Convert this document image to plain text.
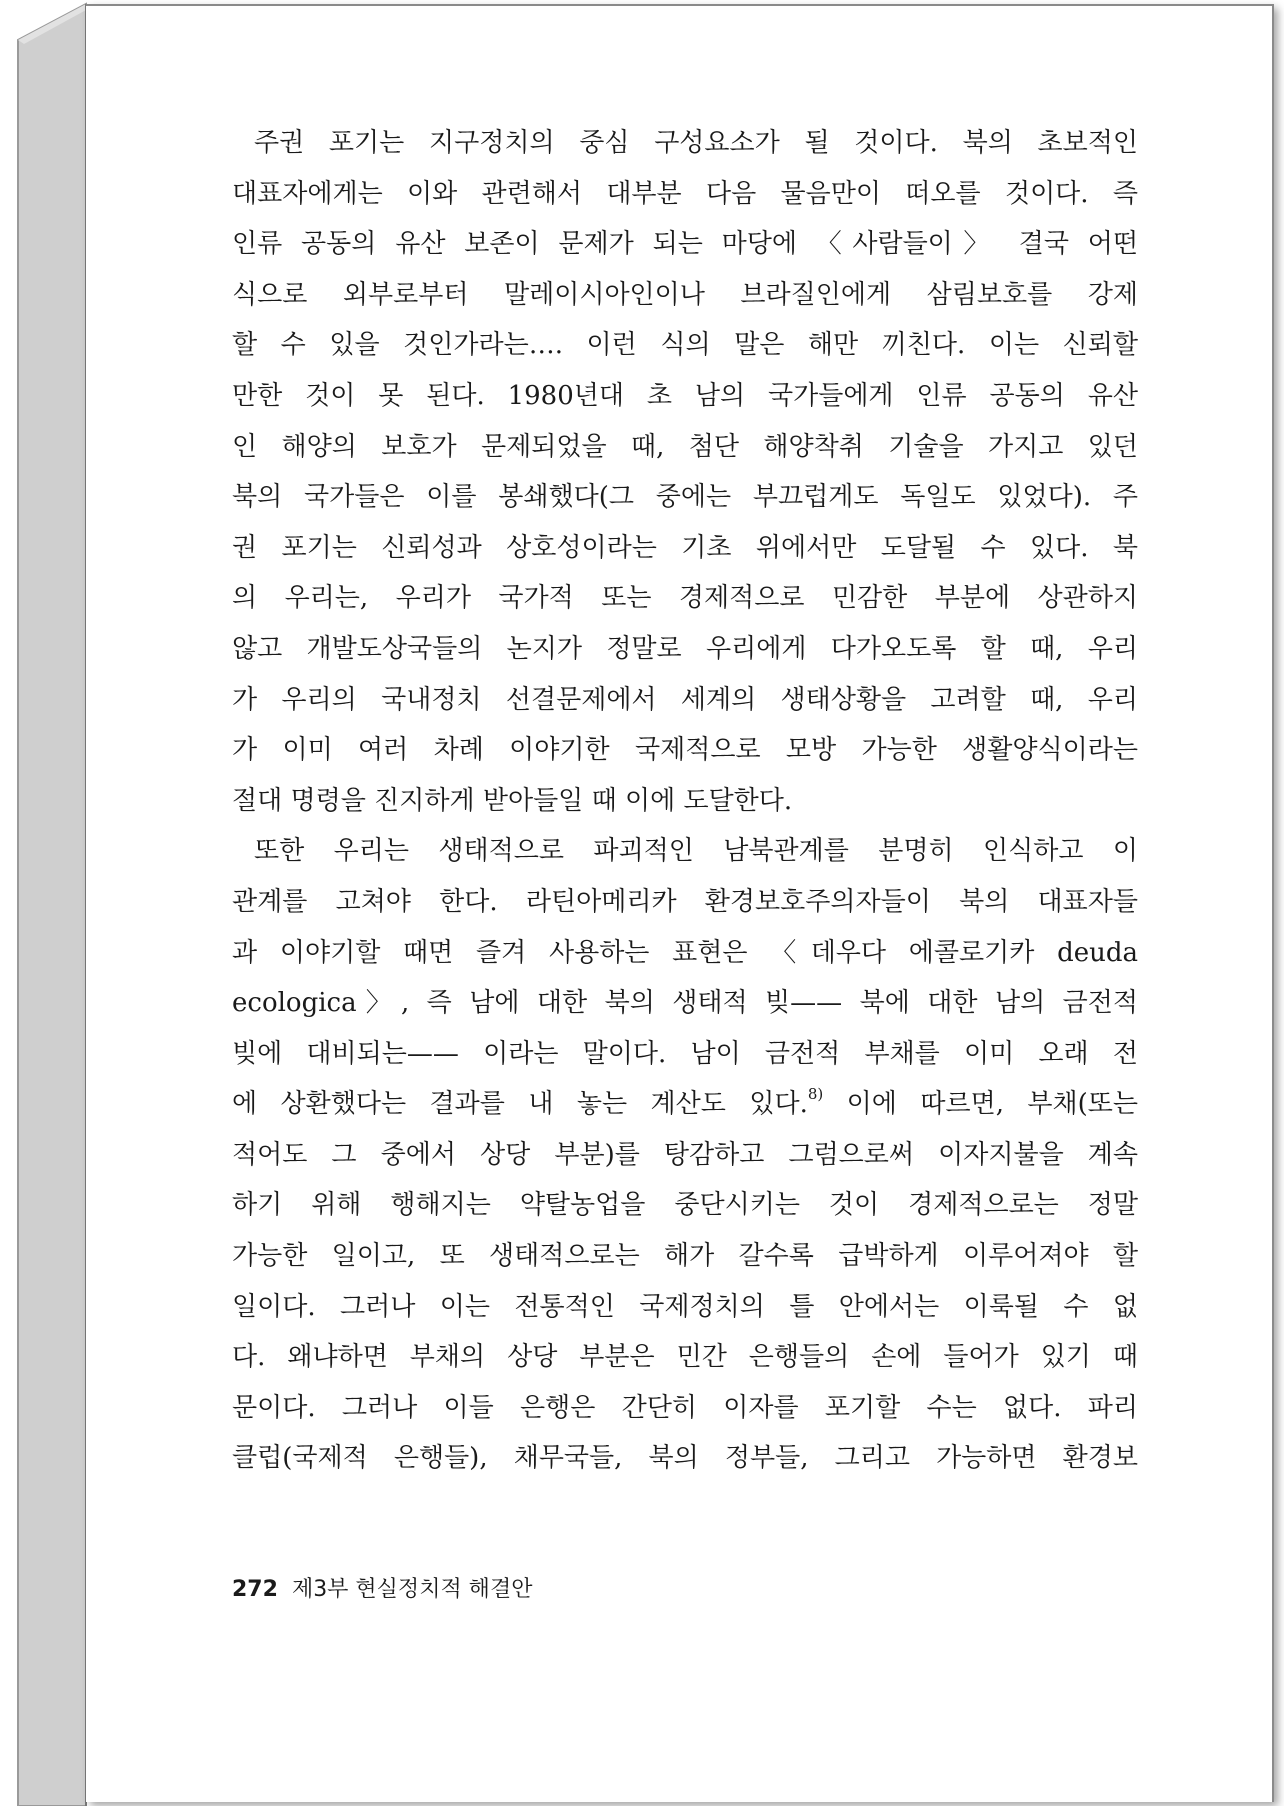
주권 포기는 지구정치의 중심 구성요소가 될 것이다. 북의 초보적인
대표자에게는 이와 관련해서 대부분 다음 물음만이 떠오를 것이다. 즉
인류 공동의 유산 보존이 문제가 되는 마당에 〈사람들이〉 결국 어떤
식으로 외부로부터 말레이시아인이나 브라질인에게 삼림보호를 강제
할 수 있을 것인가라는…. 이런 식의 말은 해만 끼친다. 이는 신뢰할
만한 것이 못 된다. 1980년대 초 남의 국가들에게 인류 공동의 유산
인 해양의 보호가 문제되었을 때, 첨단 해양착취 기술을 가지고 있던
북의 국가들은 이를 봉쇄했다(그 중에는 부끄럽게도 독일도 있었다). 주
권 포기는 신뢰성과 상호성이라는 기초 위에서만 도달될 수 있다. 북
의 우리는, 우리가 국가적 또는 경제적으로 민감한 부분에 상관하지
않고 개발도상국들의 논지가 정말로 우리에게 다가오도록 할 때, 우리
가 우리의 국내정치 선결문제에서 세계의 생태상황을 고려할 때, 우리
가 이미 여러 차례 이야기한 국제적으로 모방 가능한 생활양식이라는
절대 명령을 진지하게 받아들일 때 이에 도달한다.
또한 우리는 생태적으로 파괴적인 남북관계를 분명히 인식하고 이
관계를 고쳐야 한다. 라틴아메리카 환경보호주의자들이 북의 대표자들
과 이야기할 때면 즐겨 사용하는 표현은 〈데우다 에콜로기카 deuda
ecologica〉, 즉 남에 대한 북의 생태적 빚—— 북에 대한 남의 금전적
빚에 대비되는—— 이라는 말이다. 남이 금전적 부채를 이미 오래 전
에 상환했다는 결과를 내 놓는 계산도 있다.$^{8)}$ 이에 따르면, 부채(또는
적어도 그 중에서 상당 부분)를 탕감하고 그럼으로써 이자지불을 계속
하기 위해 행해지는 약탈농업을 중단시키는 것이 경제적으로는 정말
가능한 일이고, 또 생태적으로는 해가 갈수록 급박하게 이루어져야 할
일이다. 그러나 이는 전통적인 국제정치의 틀 안에서는 이룩될 수 없
다. 왜냐하면 부채의 상당 부분은 민간 은행들의 손에 들어가 있기 때
문이다. 그러나 이들 은행은 간단히 이자를 포기할 수는 없다. 파리
클럽(국제적 은행들), 채무국들, 북의 정부들, 그리고 가능하면 환경보
272 제3부 현실정치적 해결안
